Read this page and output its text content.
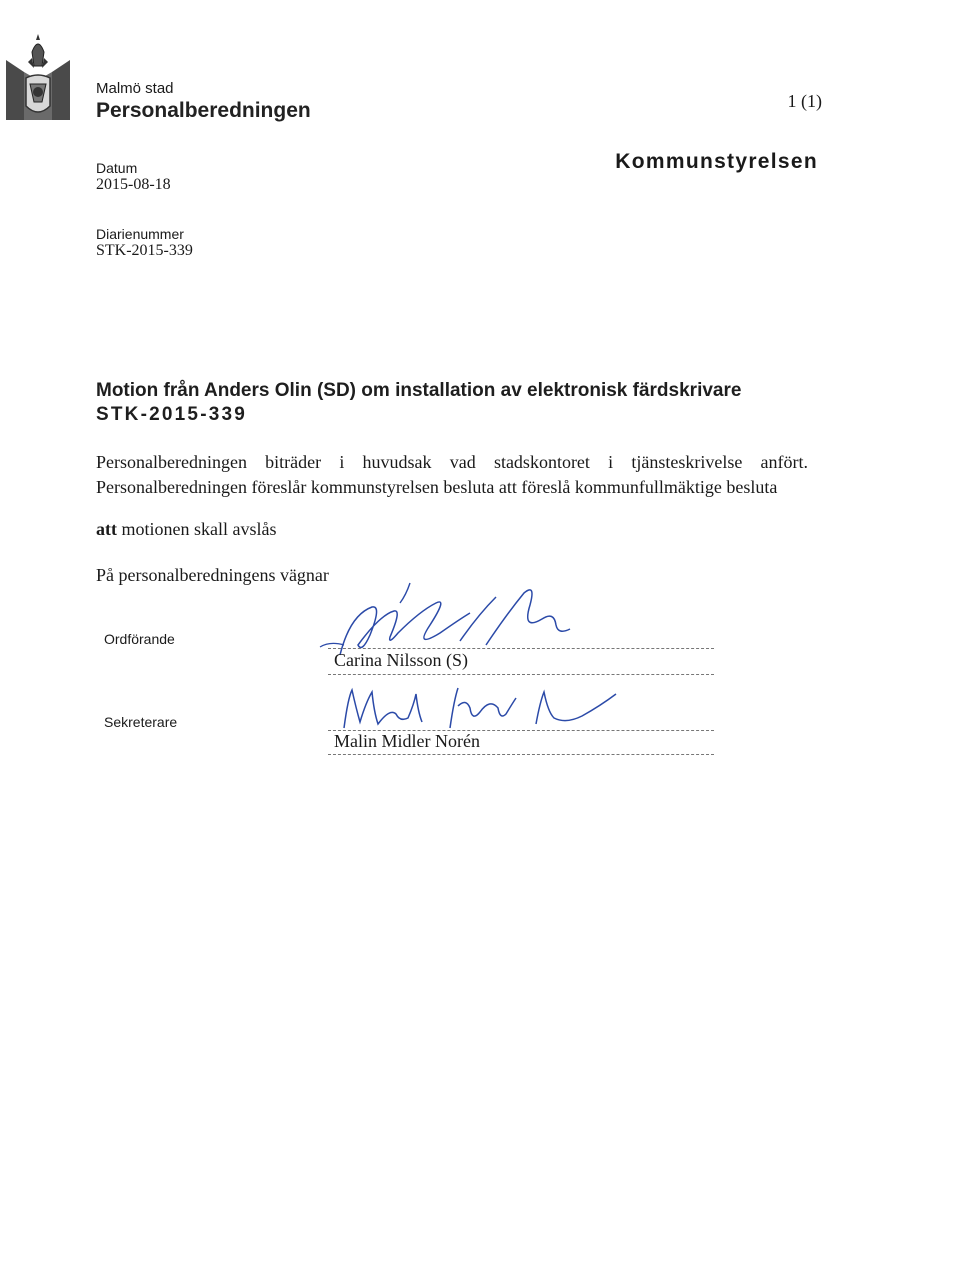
Malmö stad
Personalberedningen	1 (1)
Datum
2015-08-18
Diarienummer
STK-2015-339
Kommunstyrelsen
Motion från Anders Olin (SD) om installation av elektronisk färdskrivare
STK-2015-339
Personalberedningen biträder i huvudsak vad stadskontoret i tjänsteskrivelse anfört. Personalberedningen föreslår kommunstyrelsen besluta att föreslå kommunfullmäktige besluta
att motionen skall avslås
På personalberedningens vägnar
Ordförande
Carina Nilsson (S)
Sekreterare
Malin Midler Norén
